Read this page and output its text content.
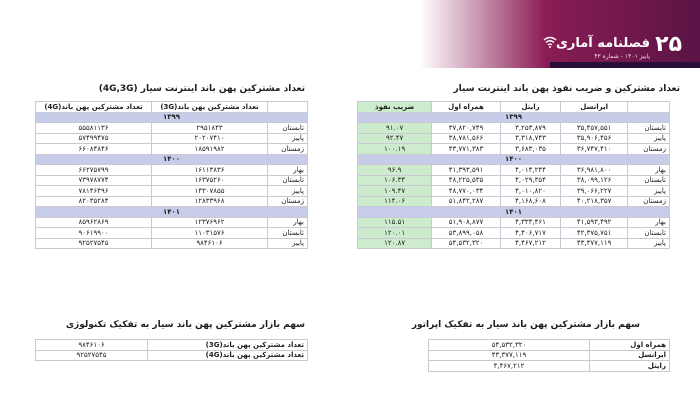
۲۵
فصلنامه آماری
پاییز ۱۴۰۱ - شماره ۴۳
تعداد مشترکین و ضریب نفوذ پهن باند اینترنت سیار
تعداد مشترکین پهن باند اینترنت سیار (4G,3G)
	تعداد مشترکین پهن باند(3G)	تعداد مشترکین پهن باند(4G)
۱۳۹۹		
تابستان	۲۹۵۱۸۴۳	۵۵۵۸۱۱۳۶
پاییز	۲۰۲۰۷۴۱۰	۵۷۴۹۹۴۷۵
زمستان	۱۸۵۹۱۹۸۲	۶۶۰۸۴۸۴۶
۱۴۰۰		
بهار	۱۶۱۱۳۸۳۶	۶۶۲۷۵۷۹۹
تابستان	۱۶۳۷۵۲۶۰	۷۳۹۷۸۷۷۴
پاییز	۱۴۳۰۷۸۵۵	۷۸۱۴۶۴۹۶
زمستان	۱۲۸۳۳۹۶۸	۸۲۰۳۵۲۸۴
۱۴۰۱		
بهار	۱۲۳۷۶۹۶۲	۸۵۹۶۲۸۶۹
تابستان	۱۱۰۳۱۵۷۶	۹۰۶۱۹۹۰۰
پاییز	۹۸۴۶۱۰۶	۹۲۵۲۷۵۴۵
	ایرانسل	رایتل	همراه اول	ضریب نفوذ
۱۳۹۹				
تابستان	۳۵,۴۵۷,۵۵۱	۳,۲۵۳,۸۷۹	۳۷,۸۲۰,۷۴۹	۹۱.۰۷
پاییز	۳۵,۹۰۶,۴۵۶	۳,۳۱۸,۷۴۳	۳۸,۷۸۱,۵۶۶	۹۲.۴۷
زمستان	۳۶,۷۴۷,۴۱۰	۳,۶۸۳,۰۳۵	۴۳,۷۷۱,۳۸۳	۱۰۰.۱۹
۱۴۰۰				
بهار	۳۶,۹۸۱,۸۰۰	۴,۰۱۴,۲۴۴	۴۱,۳۹۳,۵۹۱	۹۶.۹
تابستان	۳۸,۰۹۹,۱۲۶	۴,۰۲۹,۳۵۴	۴۸,۲۲۵,۵۳۵	۱۰۶.۳۴
پاییز	۳۹,۰۶۶,۲۲۷	۴,۰۱۰,۸۲۰	۴۸,۷۷۰,۰۳۴	۱۰۹.۴۷
زمستان	۴۰,۲۱۸,۳۵۷	۴,۱۶۸,۶۰۸	۵۱,۸۴۲,۲۸۷	۱۱۴.۰۶
۱۴۰۱				
بهار	۴۱,۵۹۳,۴۹۲	۴,۳۳۳,۴۶۱	۵۱,۹۰۸,۸۷۷	۱۱۵.۵۱
تابستان	۴۲,۳۷۵,۷۵۱	۴,۴۰۶,۷۱۷	۵۳,۸۹۹,۰۵۸	۱۲۰.۰۱
پاییز	۴۳,۳۷۷,۱۱۹	۴,۴۶۷,۲۱۲	۵۴,۵۳۲,۳۲۰	۱۲۰.۸۷
سهم بازار مشترکین پهن باند سیار به تفکیک تکنولوژی	سهم بازار مشترکین پهن باند سیار به تفکیک اپراتور
تعداد مشترکین پهن باند(3G)	۹۸۴۶۱۰۶
تعداد مشترکین پهن باند(4G)	۹۲۵۲۷۵۴۵
همراه اول	۵۴,۵۳۲,۳۲۰
ایرانسل	۴۳,۳۷۷,۱۱۹
رایتل	۴,۴۶۷,۲۱۲
